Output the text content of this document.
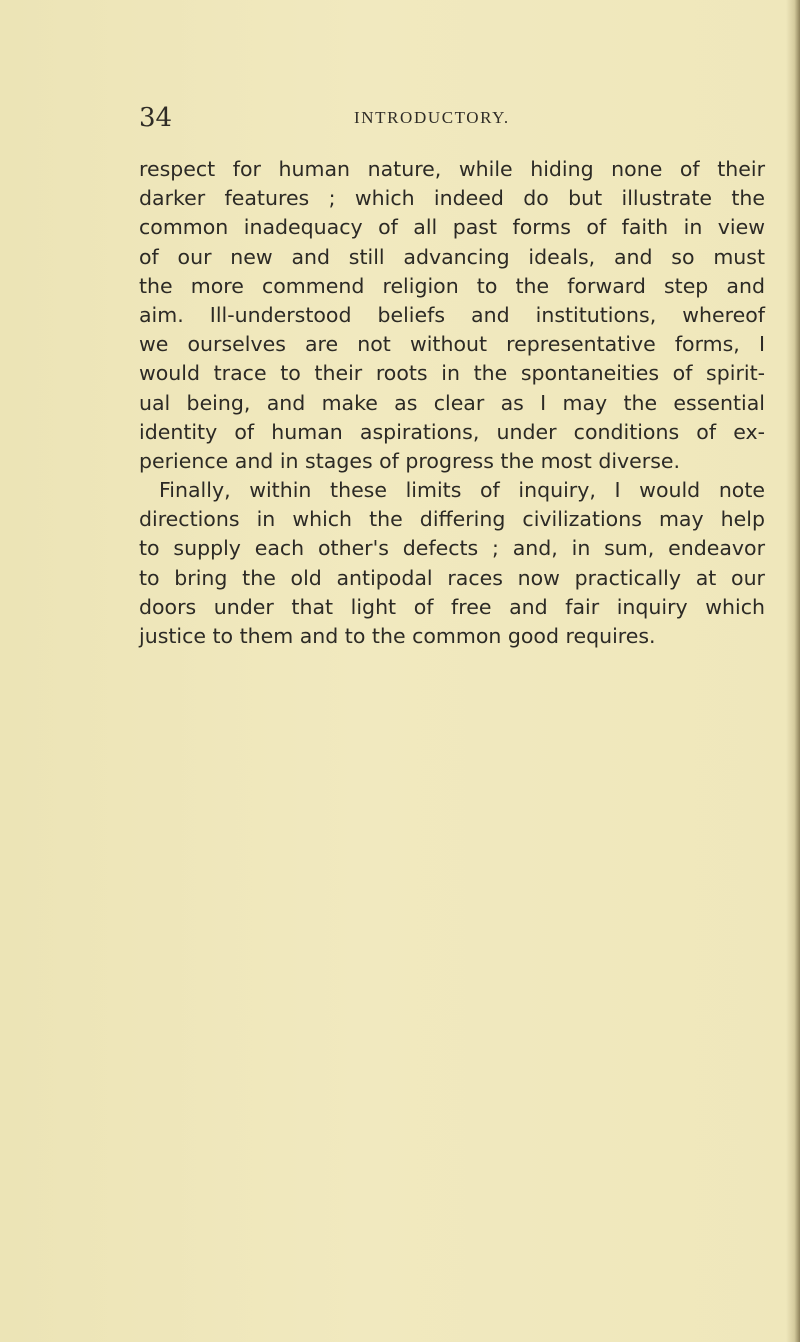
34	INTRODUCTORY.
respect for human nature, while hiding none of their
darker features ; which indeed do but illustrate the
common inadequacy of all past forms of faith in view
of our new and still advancing ideals, and so must
the more commend religion to the forward step and
aim. Ill-understood beliefs and institutions, whereof
we ourselves are not without representative forms, I
would trace to their roots in the spontaneities of spirit-
ual being, and make as clear as I may the essential
identity of human aspirations, under conditions of ex-
perience and in stages of progress the most diverse.
Finally, within these limits of inquiry, I would note
directions in which the differing civilizations may help
to supply each other's defects ; and, in sum, endeavor
to bring the old antipodal races now practically at our
doors under that light of free and fair inquiry which
justice to them and to the common good requires.
